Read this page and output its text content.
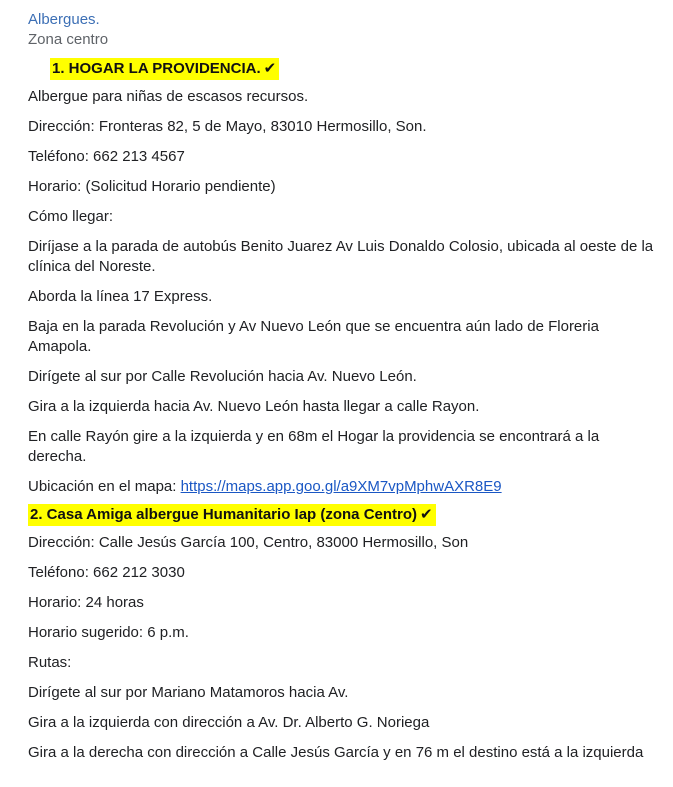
Albergues.
Zona centro
1. HOGAR LA PROVIDENCIA. ✔

Albergue para niñas de escasos recursos.

Dirección: Fronteras 82, 5 de Mayo, 83010 Hermosillo, Son.

Teléfono: 662 213 4567

Horario: (Solicitud Horario pendiente)

Cómo llegar:

Diríjase a la parada de autobús Benito Juarez Av Luis Donaldo Colosio, ubicada al oeste de la clínica del Noreste.

Aborda la línea 17 Express.

Baja en la parada Revolución y Av Nuevo León que se encuentra aún lado de Floreria Amapola.

Dirígete al sur por Calle Revolución hacia Av. Nuevo León.

Gira a la izquierda hacia Av. Nuevo León hasta llegar a calle Rayon.

En calle Rayón gire a la izquierda y en 68m el Hogar la providencia se encontrará a la derecha.

Ubicación en el mapa: https://maps.app.goo.gl/a9XM7vpMphwAXR8E9

2. Casa Amiga albergue Humanitario Iap (zona Centro) ✔

Dirección: Calle Jesús García 100, Centro, 83000 Hermosillo, Son

Teléfono: 662 212 3030

Horario: 24 horas

Horario sugerido: 6 p.m.

Rutas:

Dirígete al sur por Mariano Matamoros hacia Av.

Gira a la izquierda con dirección a Av. Dr. Alberto G. Noriega

Gira a la derecha con dirección a Calle Jesús García y en 76 m el destino está a la izquierda
